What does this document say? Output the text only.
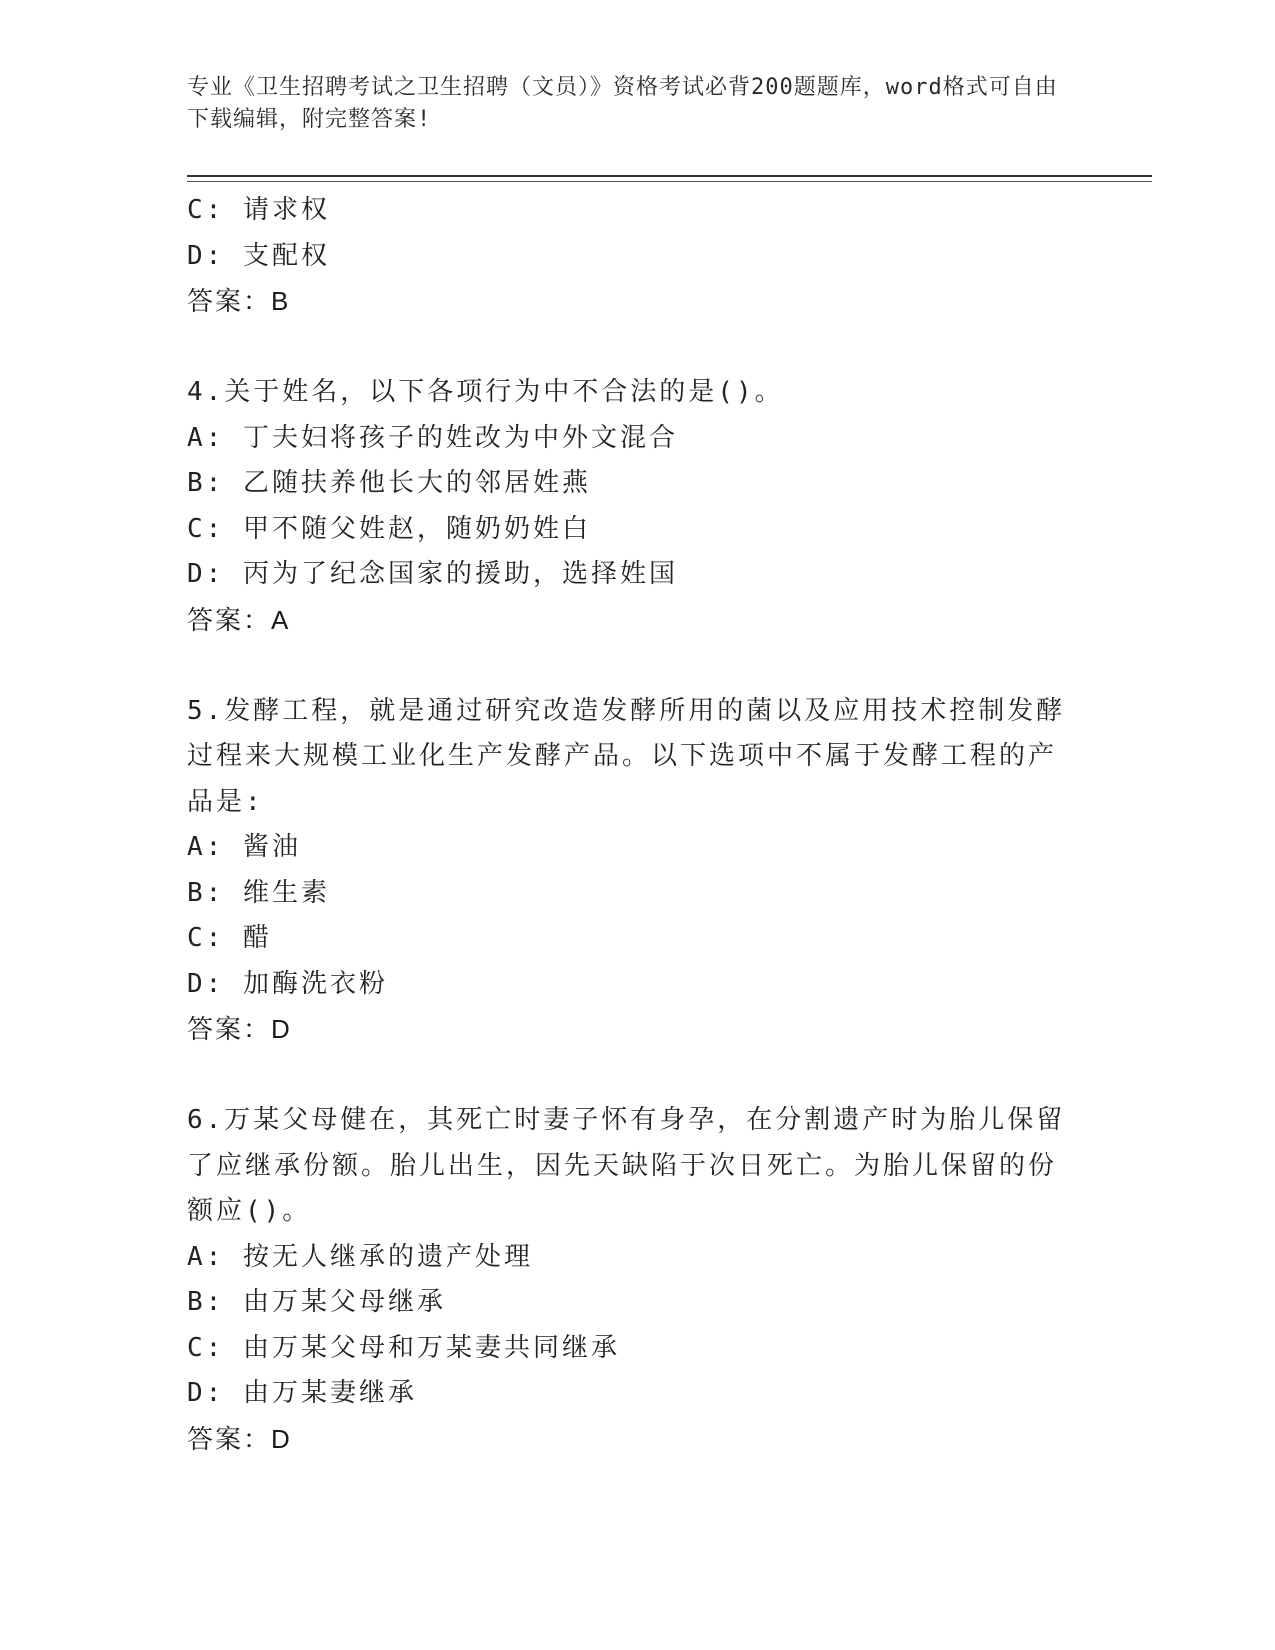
专业《卫生招聘考试之卫生招聘（文员）》资格考试必背200题题库，word格式可自由下载编辑，附完整答案!
C: 请求权
D: 支配权
答案：B
4.关于姓名，以下各项行为中不合法的是()。
A: 丁夫妇将孩子的姓改为中外文混合
B: 乙随扶养他长大的邻居姓燕
C: 甲不随父姓赵，随奶奶姓白
D: 丙为了纪念国家的援助，选择姓国
答案：A
5.发酵工程，就是通过研究改造发酵所用的菌以及应用技术控制发酵过程来大规模工业化生产发酵产品。以下选项中不属于发酵工程的产品是:
A: 酱油
B: 维生素
C: 醋
D: 加酶洗衣粉
答案：D
6.万某父母健在，其死亡时妻子怀有身孕，在分割遗产时为胎儿保留了应继承份额。胎儿出生，因先天缺陷于次日死亡。为胎儿保留的份额应()。
A: 按无人继承的遗产处理
B: 由万某父母继承
C: 由万某父母和万某妻共同继承
D: 由万某妻继承
答案：D
